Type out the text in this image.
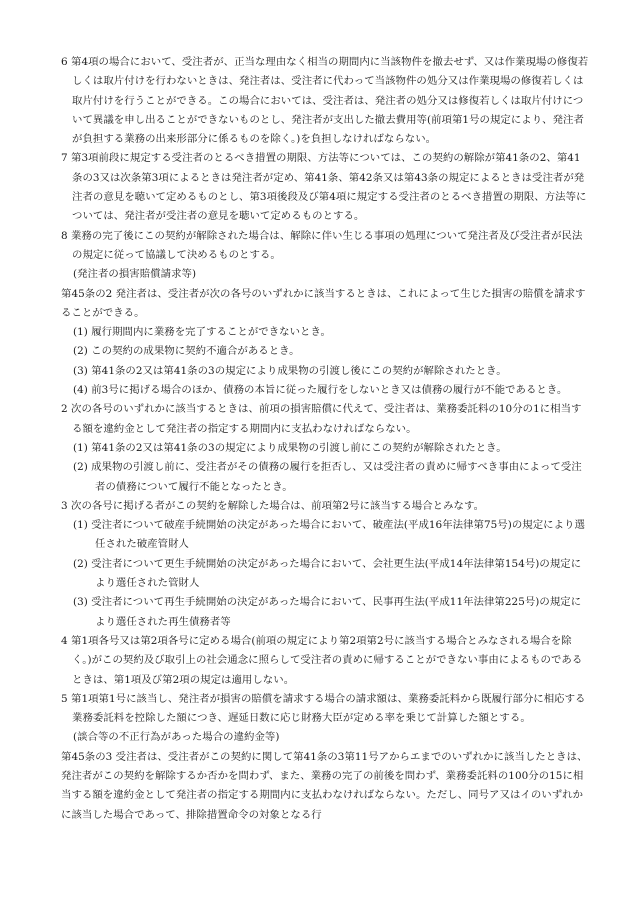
6 第4項の場合において、受注者が、正当な理由なく相当の期間内に当該物件を撤去せず、又は作業現場の修復若しくは取片付けを行わないときは、発注者は、受注者に代わって当該物件の処分又は作業現場の修復若しくは取片付けを行うことができる。この場合においては、受注者は、発注者の処分又は修復若しくは取片付けについて異議を申し出ることができないものとし、発注者が支出した撤去費用等(前項第1号の規定により、発注者が負担する業務の出来形部分に係るものを除く。)を負担しなければならない。

7 第3項前段に規定する受注者のとるべき措置の期限、方法等については、この契約の解除が第41条の2、第41条の3又は次条第3項によるときは発注者が定め、第41条、第42条又は第43条の規定によるときは受注者が発注者の意見を聴いて定めるものとし、第3項後段及び第4項に規定する受注者のとるべき措置の期限、方法等については、発注者が受注者の意見を聴いて定めるものとする。

8 業務の完了後にこの契約が解除された場合は、解除に伴い生じる事項の処理について発注者及び受注者が民法の規定に従って協議して決めるものとする。

(発注者の損害賠償請求等)

第45条の2 発注者は、受注者が次の各号のいずれかに該当するときは、これによって生じた損害の賠償を請求することができる。

(1) 履行期間内に業務を完了することができないとき。

(2) この契約の成果物に契約不適合があるとき。

(3) 第41条の2又は第41条の3の規定により成果物の引渡し後にこの契約が解除されたとき。

(4) 前3号に掲げる場合のほか、債務の本旨に従った履行をしないとき又は債務の履行が不能であるとき。

2 次の各号のいずれかに該当するときは、前項の損害賠償に代えて、受注者は、業務委託料の10分の1に相当する額を違約金として発注者の指定する期間内に支払わなければならない。

(1) 第41条の2又は第41条の3の規定により成果物の引渡し前にこの契約が解除されたとき。

(2) 成果物の引渡し前に、受注者がその債務の履行を拒否し、又は受注者の責めに帰すべき事由によって受注者の債務について履行不能となったとき。

3 次の各号に掲げる者がこの契約を解除した場合は、前項第2号に該当する場合とみなす。

(1) 受注者について破産手続開始の決定があった場合において、破産法(平成16年法律第75号)の規定により選任された破産管財人

(2) 受注者について更生手続開始の決定があった場合において、会社更生法(平成14年法律第154号)の規定により選任された管財人

(3) 受注者について再生手続開始の決定があった場合において、民事再生法(平成11年法律第225号)の規定により選任された再生債務者等

4 第1項各号又は第2項各号に定める場合(前項の規定により第2項第2号に該当する場合とみなされる場合を除く。)がこの契約及び取引上の社会通念に照らして受注者の責めに帰することができない事由によるものであるときは、第1項及び第2項の規定は適用しない。

5 第1項第1号に該当し、発注者が損害の賠償を請求する場合の請求額は、業務委託料から既履行部分に相応する業務委託料を控除した額につき、遅延日数に応じ財務大臣が定める率を乗じて計算した額とする。

(談合等の不正行為があった場合の違約金等)

第45条の3 受注者は、受注者がこの契約に関して第41条の3第11号アからエまでのいずれかに該当したときは、発注者がこの契約を解除するか否かを問わず、また、業務の完了の前後を問わず、業務委託料の100分の15に相当する額を違約金として発注者の指定する期間内に支払わなければならない。ただし、同号ア又はイのいずれかに該当した場合であって、排除措置命令の対象となる行
